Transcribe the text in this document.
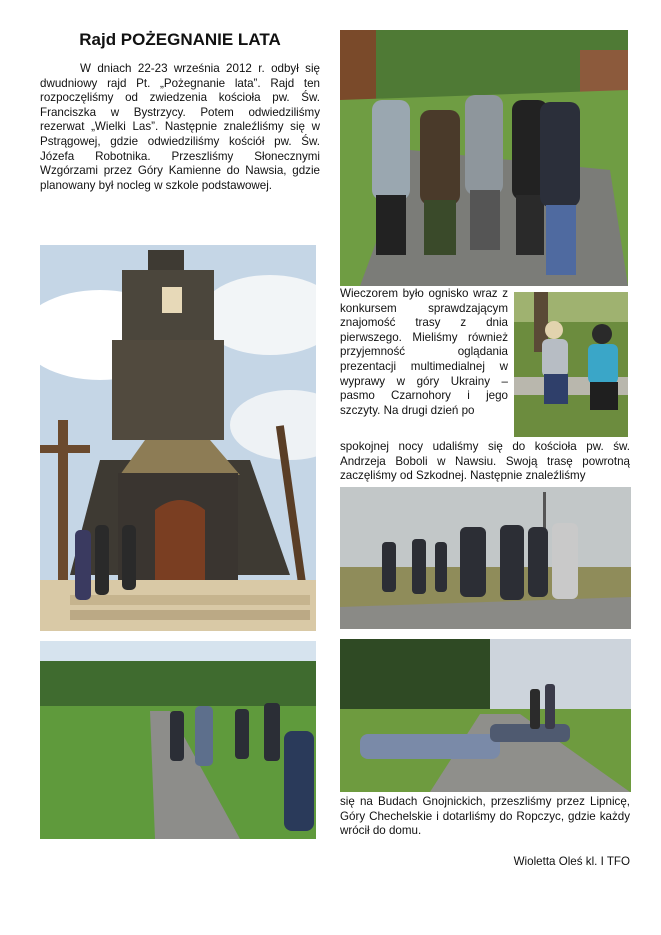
Rajd POŻEGNANIE LATA
W dniach 22-23 września 2012 r. odbył się dwudniowy rajd Pt. „Pożegnanie lata”. Rajd ten rozpoczęliśmy od zwiedzenia kościoła pw. Św. Franciszka w Bystrzycy. Potem odwiedziliśmy rezerwat „Wielki Las”. Następnie znaleźliśmy się w Pstrągowej, gdzie odwiedziliśmy kościół pw. Św. Józefa Robotnika. Przeszliśmy Słonecznymi Wzgórzami przez Góry Kamienne do Nawsia, gdzie planowany był nocleg w szkole podstawowej.
Wieczorem było ognisko wraz z konkursem sprawdzającym znajomość trasy z dnia pierwszego. Mieliśmy również przyjemność oglądania prezentacji multimedialnej w wyprawy w góry Ukrainy – pasmo Czarnohory i jego szczyty. Na drugi dzień po
spokojnej nocy udaliśmy się do kościoła pw. św. Andrzeja Boboli w Nawsiu. Swoją trasę powrotną zaczęliśmy od Szkodnej. Następnie znaleźliśmy
się na Budach Gnojnickich, przeszliśmy przez Lipnicę, Góry Chechelskie i dotarliśmy do Ropczyc, gdzie każdy wrócił do domu.
Wioletta Oleś kl. I TFO
